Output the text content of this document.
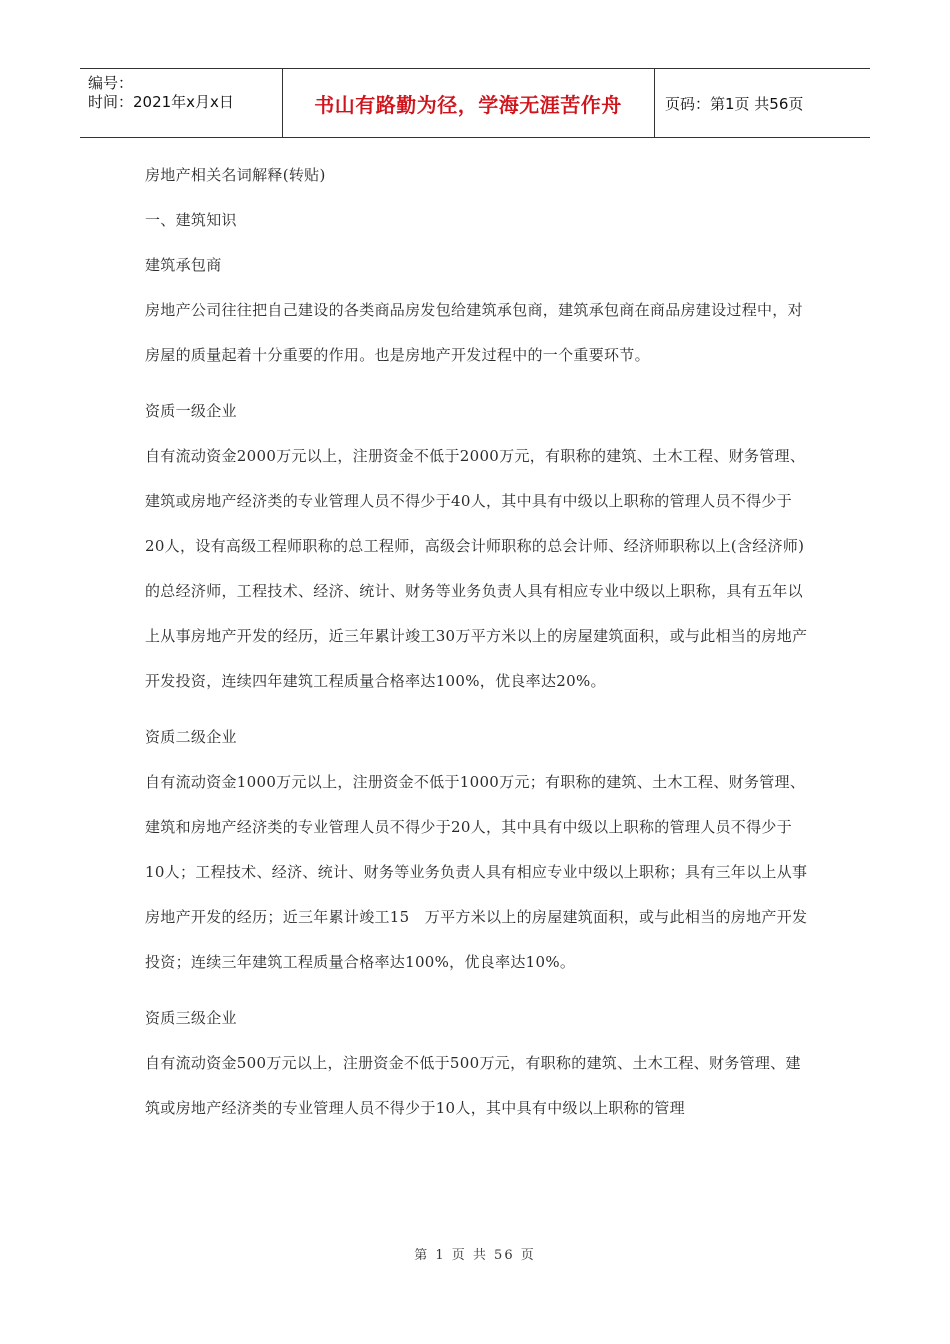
编号：
时间：2021年x月x日	书山有路勤为径，学海无涯苦作舟	页码：第1页 共56页

房地产相关名词解释(转贴)

一、建筑知识

建筑承包商

房地产公司往往把自己建设的各类商品房发包给建筑承包商，建筑承包商在商品房建设过程中，对房屋的质量起着十分重要的作用。也是房地产开发过程中的一个重要环节。

资质一级企业

自有流动资金2000万元以上，注册资金不低于2000万元，有职称的建筑、土木工程、财务管理、建筑或房地产经济类的专业管理人员不得少于40人，其中具有中级以上职称的管理人员不得少于20人，设有高级工程师职称的总工程师，高级会计师职称的总会计师、经济师职称以上(含经济师)的总经济师，工程技术、经济、统计、财务等业务负责人具有相应专业中级以上职称，具有五年以上从事房地产开发的经历，近三年累计竣工30万平方米以上的房屋建筑面积，或与此相当的房地产开发投资，连续四年建筑工程质量合格率达100%，优良率达20%。

资质二级企业

自有流动资金1000万元以上，注册资金不低于1000万元；有职称的建筑、土木工程、财务管理、建筑和房地产经济类的专业管理人员不得少于20人，其中具有中级以上职称的管理人员不得少于10人；工程技术、经济、统计、财务等业务负责人具有相应专业中级以上职称；具有三年以上从事房地产开发的经历；近三年累计竣工15　万平方米以上的房屋建筑面积，或与此相当的房地产开发投资；连续三年建筑工程质量合格率达100%，优良率达10%。

资质三级企业

自有流动资金500万元以上，注册资金不低于500万元，有职称的建筑、土木工程、财务管理、建筑或房地产经济类的专业管理人员不得少于10人，其中具有中级以上职称的管理

第 1 页 共 56 页
